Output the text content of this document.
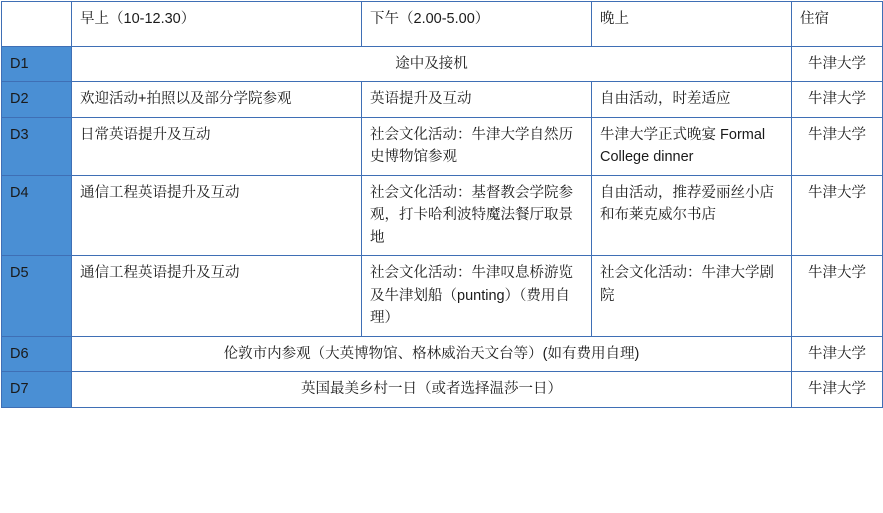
	早上（10-12.30）	下午（2.00-5.00）	晚上	住宿
D1	途中及接机			牛津大学
D2	欢迎活动+拍照以及部分学院参观	英语提升及互动	自由活动，时差适应	牛津大学
D3	日常英语提升及互动	社会文化活动：牛津大学自然历史博物馆参观	牛津大学正式晚宴 Formal College dinner	牛津大学
D4	通信工程英语提升及互动	社会文化活动：基督教会学院参观，打卡哈利波特魔法餐厅取景地	自由活动，推荐爱丽丝小店和布莱克威尔书店	牛津大学
D5	通信工程英语提升及互动	社会文化活动：牛津叹息桥游览及牛津划船（punting）（费用自理）	社会文化活动：牛津大学剧院	牛津大学
D6	伦敦市内参观（大英博物馆、格林威治天文台等）(如有费用自理)			牛津大学
D7	英国最美乡村一日（或者选择温莎一日）			牛津大学
